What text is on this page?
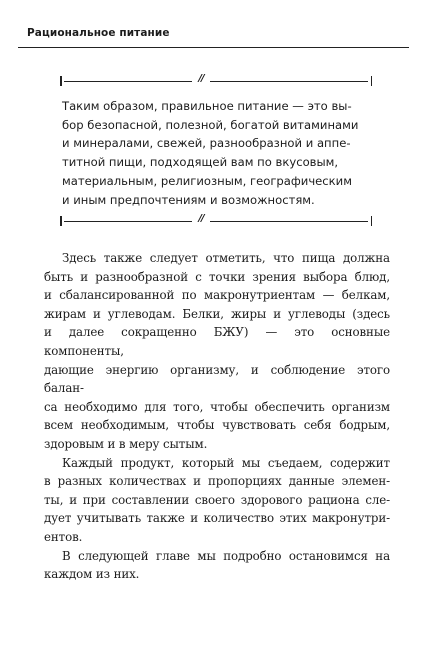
Рациональное питание
//
Таким образом, правильное питание — это вы-
бор безопасной, полезной, богатой витаминами
и минералами, свежей, разнообразной и аппе-
титной пищи, подходящей вам по вкусовым,
материальным, религиозным, географическим
и иным предпочтениям и возможностям.
//
Здесь также следует отметить, что пища должна
быть и разнообразной с точки зрения выбора блюд,
и сбалансированной по макронутриентам — белкам,
жирам и углеводам. Белки, жиры и углеводы (здесь
и далее сокращенно БЖУ) — это основные компоненты,
дающие энергию организму, и соблюдение этого балан-
са необходимо для того, чтобы обеспечить организм
всем необходимым, чтобы чувствовать себя бодрым,
здоровым и в меру сытым.
Каждый продукт, который мы съедаем, содержит
в разных количествах и пропорциях данные элемен-
ты, и при составлении своего здорового рациона сле-
дует учитывать также и количество этих макронутри-
ентов.
В следующей главе мы подробно остановимся на
каждом из них.
